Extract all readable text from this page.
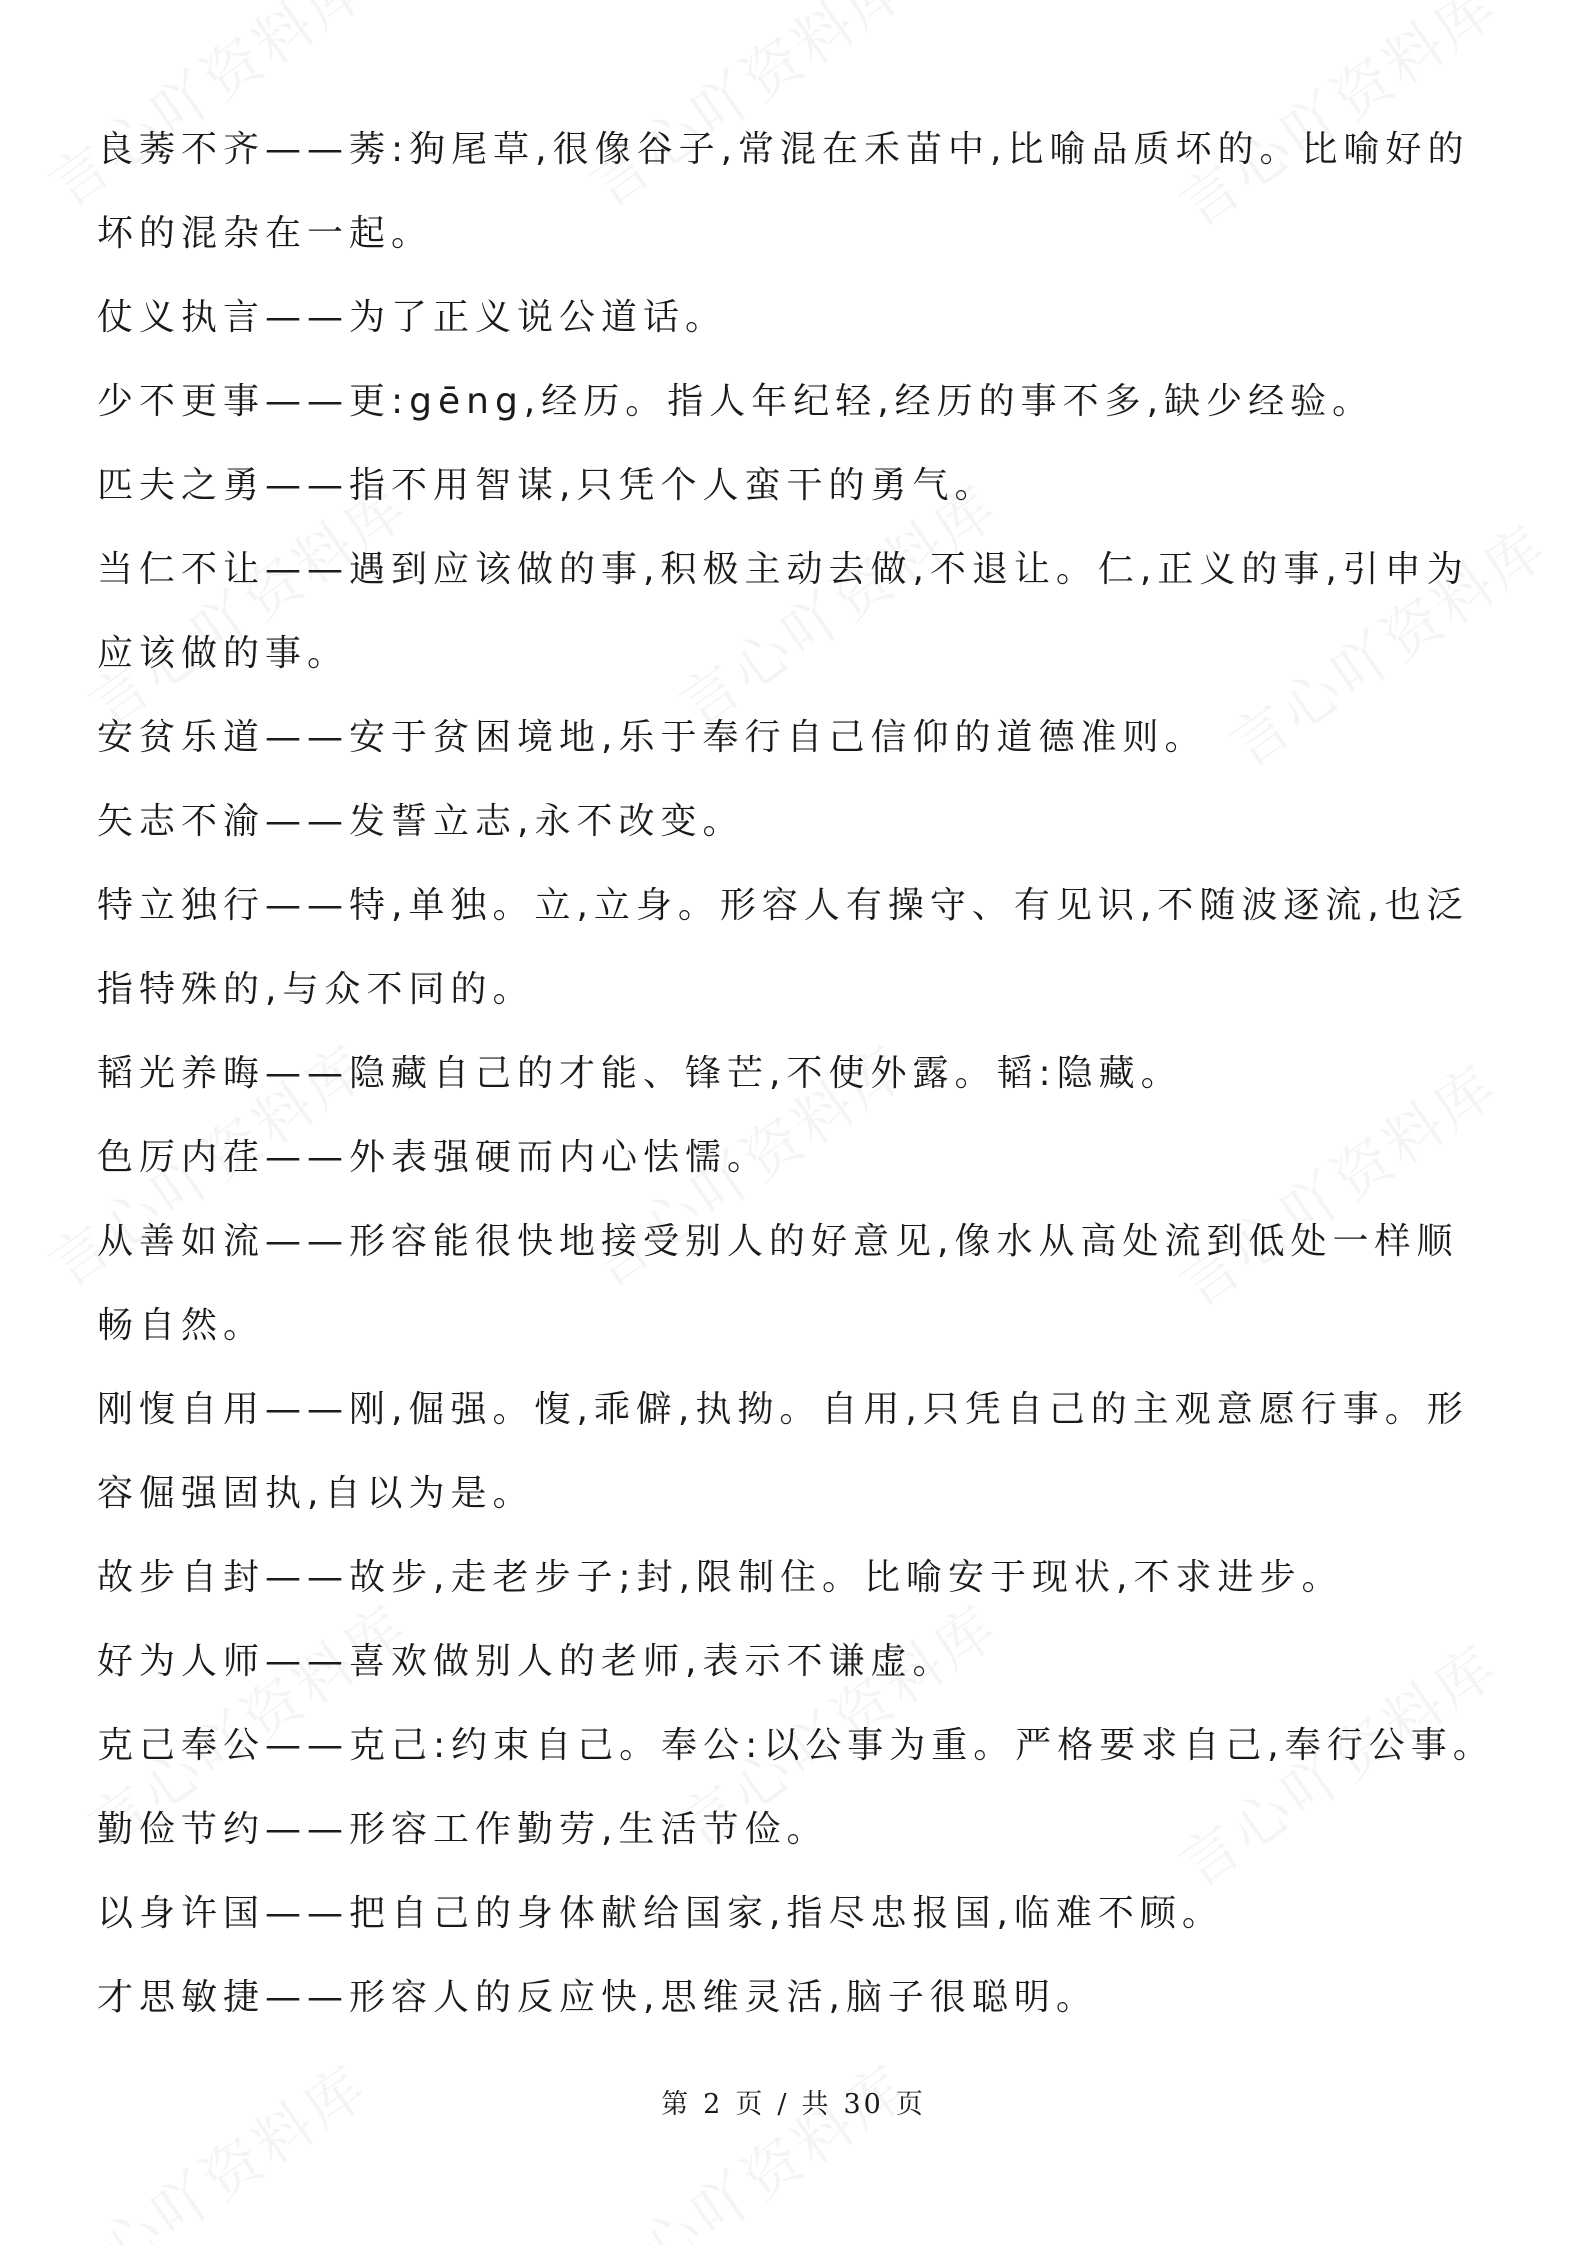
良莠不齐——莠:狗尾草,很像谷子,常混在禾苗中,比喻品质坏的。比喻好的坏的混杂在一起。
仗义执言——为了正义说公道话。
少不更事——更:gēng,经历。指人年纪轻,经历的事不多,缺少经验。
匹夫之勇——指不用智谋,只凭个人蛮干的勇气。
当仁不让——遇到应该做的事,积极主动去做,不退让。仁,正义的事,引申为应该做的事。
安贫乐道——安于贫困境地,乐于奉行自己信仰的道德准则。
矢志不渝——发誓立志,永不改变。
特立独行——特,单独。立,立身。形容人有操守、有见识,不随波逐流,也泛指特殊的,与众不同的。
韬光养晦——隐藏自己的才能、锋芒,不使外露。韬:隐藏。
色厉内荏——外表强硬而内心怯懦。
从善如流——形容能很快地接受别人的好意见,像水从高处流到低处一样顺畅自然。
刚愎自用——刚,倔强。愎,乖僻,执拗。自用,只凭自己的主观意愿行事。形容倔强固执,自以为是。
故步自封——故步,走老步子;封,限制住。比喻安于现状,不求进步。
好为人师——喜欢做别人的老师,表示不谦虚。
克己奉公——克己:约束自己。奉公:以公事为重。严格要求自己,奉行公事。
勤俭节约——形容工作勤劳,生活节俭。
以身许国——把自己的身体献给国家,指尽忠报国,临难不顾。
才思敏捷——形容人的反应快,思维灵活,脑子很聪明。
第 2 页 / 共 30 页
